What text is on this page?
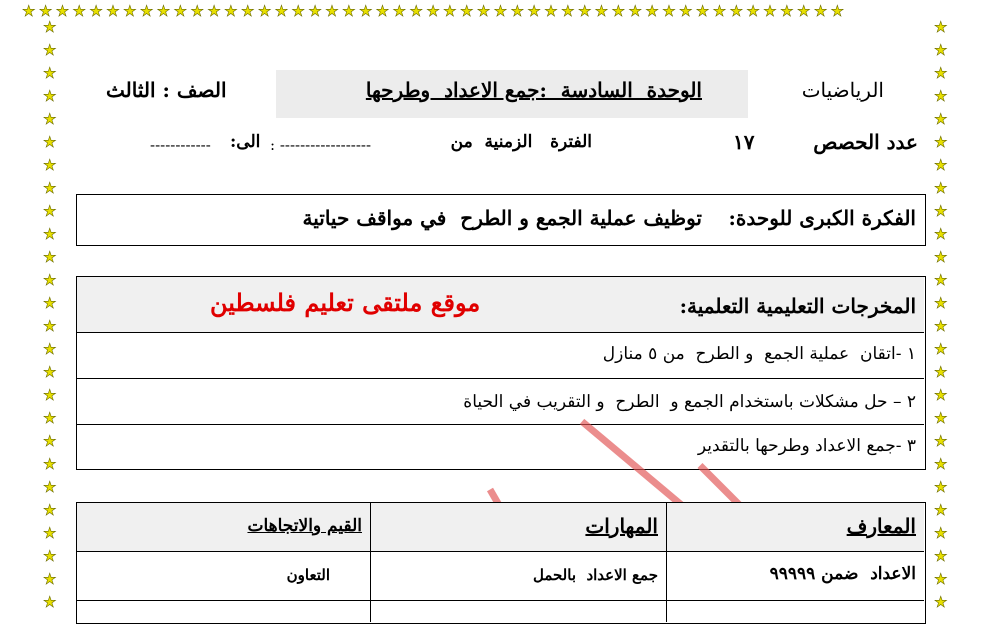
★★★★★★★★★★★★★★★★★★★★★★★★★★★★★★★★★★★★★★★★★★★★★★★★★
★
★
★
★
★
★
★
★
★
★
★
★
★
★
★
★
★
★
★
★
★
★
★
★
★
★
★
★
★
★
★
★
★
★
★
★
★
★
★
★
★
★
★
★
★
★
★
★
★
★
★
★
الرياضيات
الوحدة  السادسة  :جمع الاعداد  وطرحها
الصف : الثالث
عدد الحصص
١٧
الفترة   الزمنية  من
: ------------------
الى:
------------
الفكرة الكبرى للوحدة:
توظيف عملية الجمع و الطرح  في مواقف حياتية
المخرجات التعليمية التعلمية:
موقع ملتقى تعليم فلسطين
١ -اتقان  عملية الجمع  و الطرح  من ٥ منازل
٢ – حل مشكلات باستخدام الجمع و  الطرح  و التقريب في الحياة
٣ -جمع الاعداد وطرحها بالتقدير
المعارف
المهارات
القيم والاتجاهات
الاعداد  ضمن ٩٩٩٩٩
جمع الاعداد  بالحمل
التعاون
